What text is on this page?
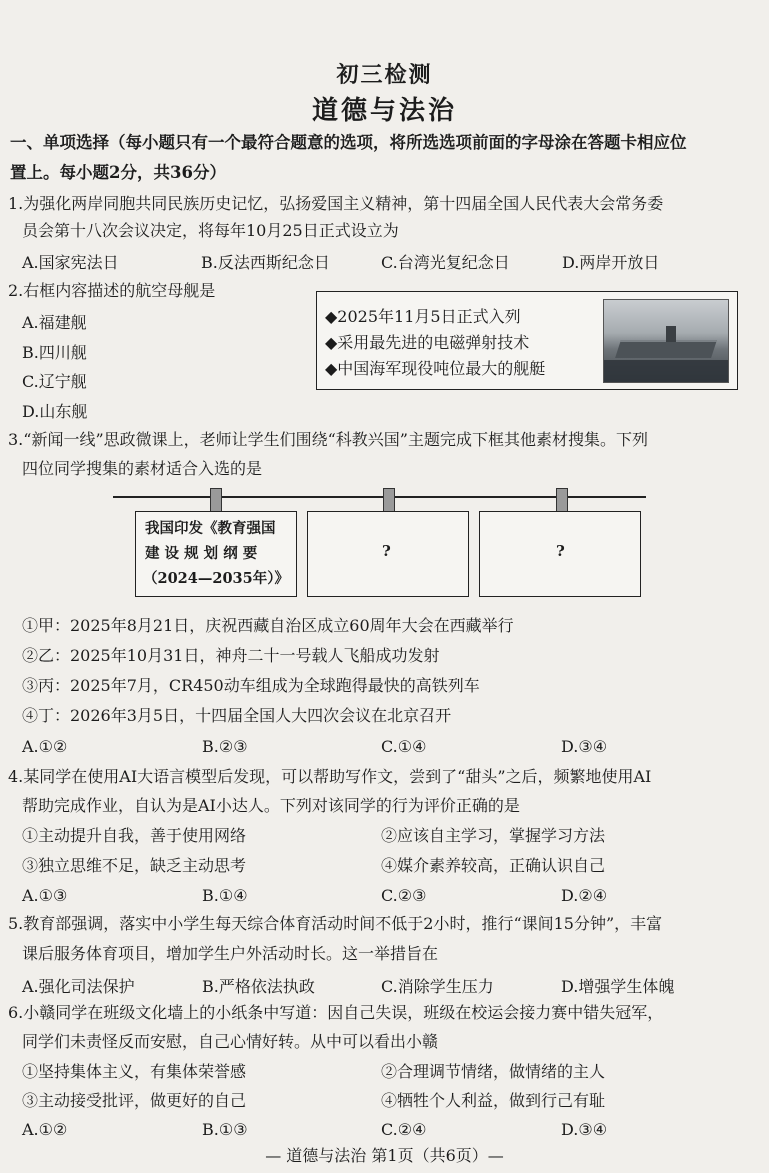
初三检测
道德与法治
一、单项选择（每小题只有一个最符合题意的选项，将所选选项前面的字母涂在答题卡相应位
置上。每小题2分，共36分）
1.为强化两岸同胞共同民族历史记忆，弘扬爱国主义精神，第十四届全国人民代表大会常务委
员会第十八次会议决定，将每年10月25日正式设立为
A.国家宪法日	B.反法西斯纪念日	C.台湾光复纪念日	D.两岸开放日
2.右框内容描述的航空母舰是
A.福建舰
B.四川舰
C.辽宁舰
D.山东舰
◆2025年11月5日正式入列
◆采用最先进的电磁弹射技术
◆中国海军现役吨位最大的舰艇
3.“新闻一线”思政微课上，老师让学生们围绕“科教兴国”主题完成下框其他素材搜集。下列
四位同学搜集的素材适合入选的是
我国印发《教育强国
建 设 规 划 纲 要
（2024—2035年）》
?	?
①甲：2025年8月21日，庆祝西藏自治区成立60周年大会在西藏举行
②乙：2025年10月31日，神舟二十一号载人飞船成功发射
③丙：2025年7月，CR450动车组成为全球跑得最快的高铁列车
④丁：2026年3月5日，十四届全国人大四次会议在北京召开
A.①②	B.②③	C.①④	D.③④
4.某同学在使用AI大语言模型后发现，可以帮助写作文，尝到了“甜头”之后，频繁地使用AI
帮助完成作业，自认为是AI小达人。下列对该同学的行为评价正确的是
①主动提升自我，善于使用网络	②应该自主学习，掌握学习方法
③独立思维不足，缺乏主动思考	④媒介素养较高，正确认识自己
A.①③	B.①④	C.②③	D.②④
5.教育部强调，落实中小学生每天综合体育活动时间不低于2小时，推行“课间15分钟”，丰富
课后服务体育项目，增加学生户外活动时长。这一举措旨在
A.强化司法保护	B.严格依法执政	C.消除学生压力	D.增强学生体魄
6.小赣同学在班级文化墙上的小纸条中写道：因自己失误，班级在校运会接力赛中错失冠军，
同学们未责怪反而安慰，自己心情好转。从中可以看出小赣
①坚持集体主义，有集体荣誉感	②合理调节情绪，做情绪的主人
③主动接受批评，做更好的自己	④牺牲个人利益，做到行己有耻
A.①②	B.①③	C.②④	D.③④
— 道德与法治 第1页（共6页）—
